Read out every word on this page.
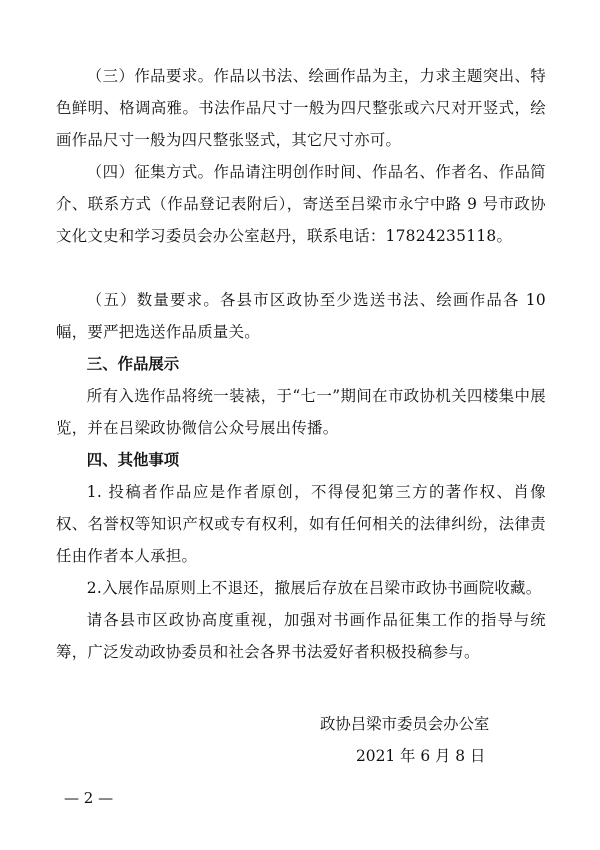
（三）作品要求。作品以书法、绘画作品为主，力求主题突出、特色鲜明、格调高雅。书法作品尺寸一般为四尺整张或六尺对开竖式，绘画作品尺寸一般为四尺整张竖式，其它尺寸亦可。

（四）征集方式。作品请注明创作时间、作品名、作者名、作品简介、联系方式（作品登记表附后），寄送至吕梁市永宁中路 9 号市政协文化文史和学习委员会办公室赵丹，联系电话：17824235118。

（五）数量要求。各县市区政协至少选送书法、绘画作品各 10 幅，要严把选送作品质量关。

三、作品展示

所有入选作品将统一装裱，于“七一”期间在市政协机关四楼集中展览，并在吕梁政协微信公众号展出传播。

四、其他事项

1. 投稿者作品应是作者原创，不得侵犯第三方的著作权、肖像权、名誉权等知识产权或专有权利，如有任何相关的法律纠纷，法律责任由作者本人承担。

2.入展作品原则上不退还，撤展后存放在吕梁市政协书画院收藏。

请各县市区政协高度重视，加强对书画作品征集工作的指导与统筹，广泛发动政协委员和社会各界书法爱好者积极投稿参与。

政协吕梁市委员会办公室
2021 年 6 月 8 日
— 2 —
